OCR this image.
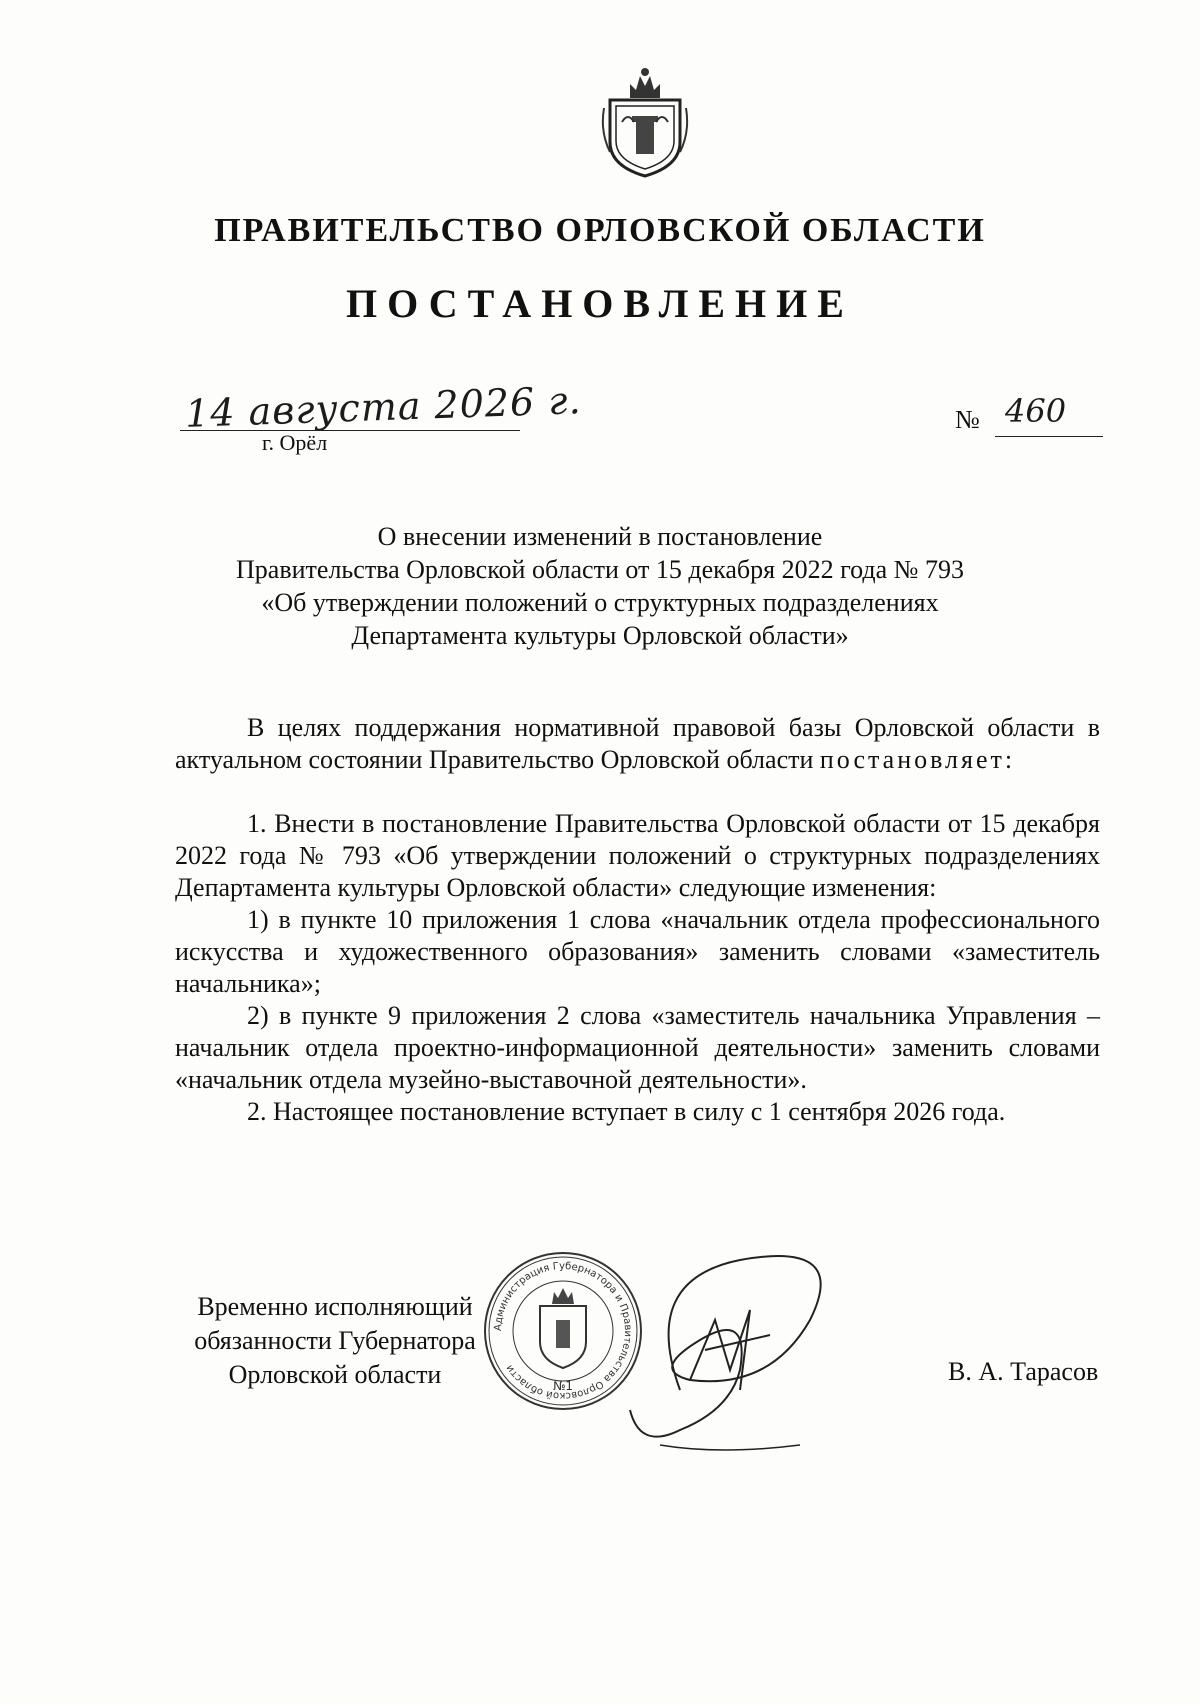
ПРАВИТЕЛЬСТВО ОРЛОВСКОЙ ОБЛАСТИ
ПОСТАНОВЛЕНИЕ
14 августа 2026 г.
г. Орёл
№ 460
О внесении изменений в постановление
Правительства Орловской области от 15 декабря 2022 года № 793
«Об утверждении положений о структурных подразделениях
Департамента культуры Орловской области»

В целях поддержания нормативной правовой базы Орловской области в актуальном состоянии Правительство Орловской области постановляет:

1. Внести в постановление Правительства Орловской области от 15 декабря 2022 года № 793 «Об утверждении положений о структурных подразделениях Департамента культуры Орловской области» следующие изменения:

1) в пункте 10 приложения 1 слова «начальник отдела профессионального искусства и художественного образования» заменить словами «заместитель начальника»;

2) в пункте 9 приложения 2 слова «заместитель начальника Управления – начальник отдела проектно-информационной деятельности» заменить словами «начальник отдела музейно-выставочной деятельности».

2. Настоящее постановление вступает в силу с 1 сентября 2026 года.

Временно исполняющий
обязанности Губернатора
Орловской области
Администрация Губернатора и Правительства Орловской области
№1	В. А. Тарасов
